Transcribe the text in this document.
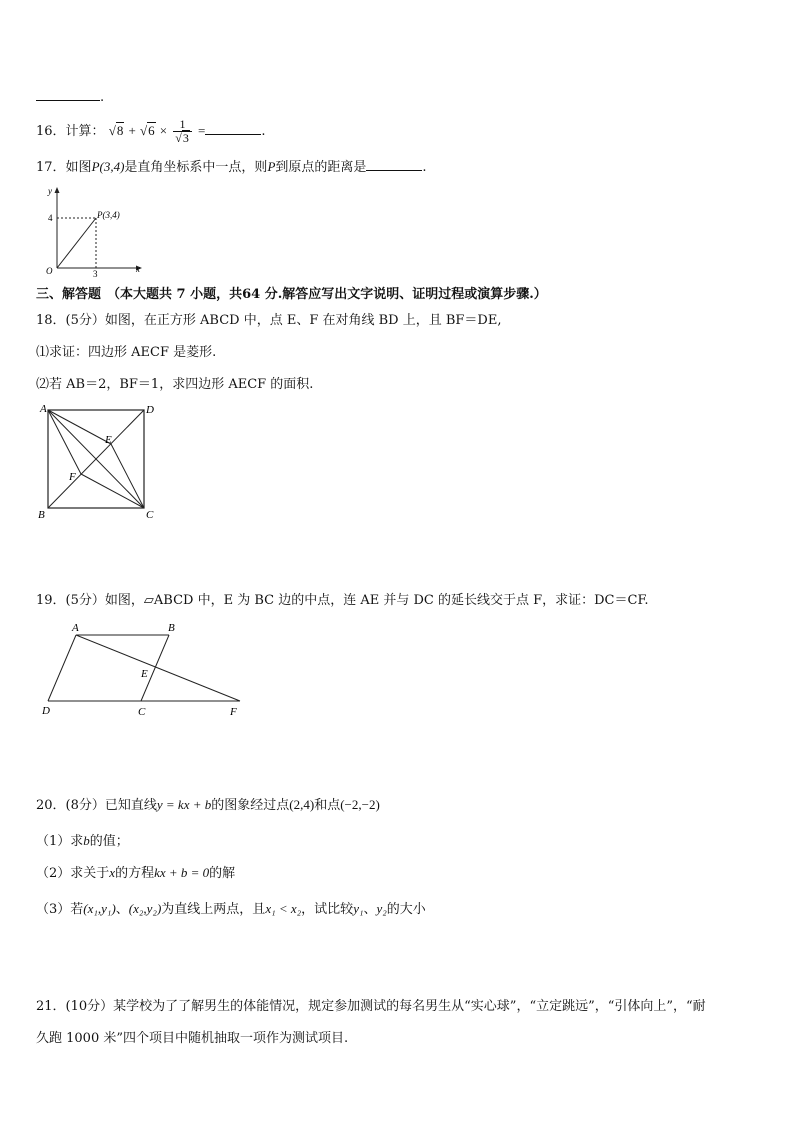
.
16．计算： $√8 + √6 \times \frac{1}{√3}$ =	.
17．如图P(3,4)是直角坐标系中一点，则P到原点的距离是	.
y
x
O
4
3
P(3,4)
三、解答题 （本大题共 7 小题，共64 分.解答应写出文字说明、证明过程或演算步骤.）
18．(5分）如图，在正方形 ABCD 中，点 E、F 在对角线 BD 上，且 BF＝DE,
⑴求证：四边形 AECF 是菱形.
⑵若 AB＝2，BF＝1，求四边形 AECF 的面积.
A	D
B	C
E
F
19．(5分）如图，▱ABCD 中，E 为 BC 边的中点，连 AE 并与 DC 的延长线交于点 F，求证：DC＝CF.
A	B
D	C
E
F
20．(8分）已知直线y = kx + b的图象经过点(2,4)和点(−2,−2)
（1）求b的值；
（2）求关于x的方程kx + b = 0的解
（3）若(x₁,y₁)、(x₂,y₂)为直线上两点，且x₁ < x₂，试比较y₁、y₂的大小
21．(10分）某学校为了了解男生的体能情况，规定参加测试的每名男生从“实心球”，“立定跳远”，“引体向上”，“耐
久跑 1000 米”四个项目中随机抽取一项作为测试项目.
